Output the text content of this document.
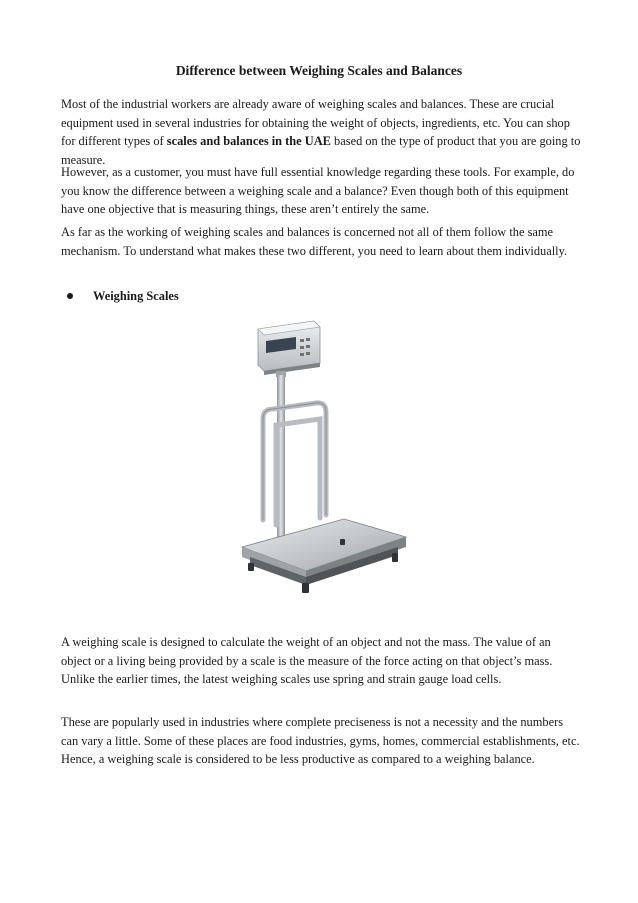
Difference between Weighing Scales and Balances

Most of the industrial workers are already aware of weighing scales and balances. These are crucial equipment used in several industries for obtaining the weight of objects, ingredients, etc. You can shop for different types of scales and balances in the UAE based on the type of product that you are going to measure.

However, as a customer, you must have full essential knowledge regarding these tools. For example, do you know the difference between a weighing scale and a balance? Even though both of this equipment have one objective that is measuring things, these aren’t entirely the same.

As far as the working of weighing scales and balances is concerned not all of them follow the same mechanism. To understand what makes these two different, you need to learn about them individually.

Weighing Scales

A weighing scale is designed to calculate the weight of an object and not the mass. The value of an object or a living being provided by a scale is the measure of the force acting on that object’s mass. Unlike the earlier times, the latest weighing scales use spring and strain gauge load cells.

These are popularly used in industries where complete preciseness is not a necessity and the numbers can vary a little. Some of these places are food industries, gyms, homes, commercial establishments, etc. Hence, a weighing scale is considered to be less productive as compared to a weighing balance.
